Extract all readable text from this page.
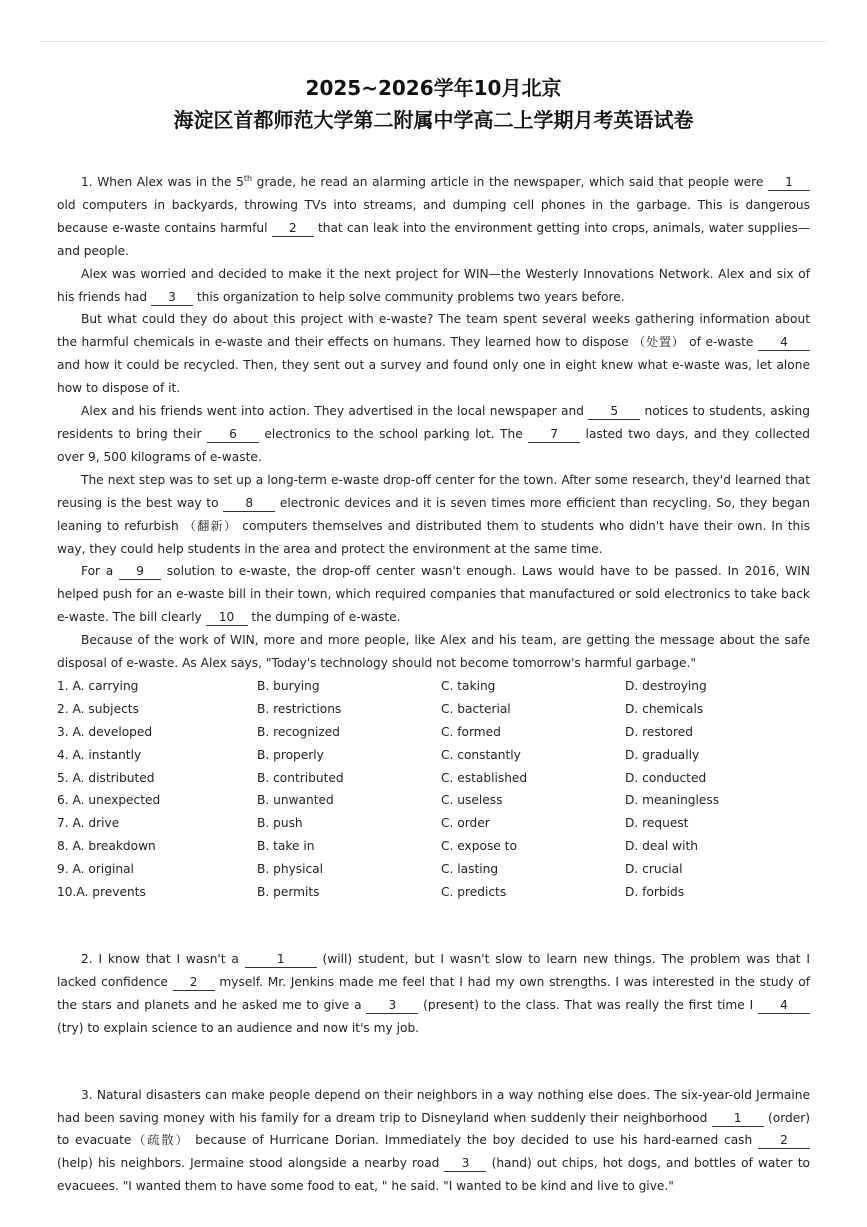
2025~2026学年10月北京
海淀区首都师范大学第二附属中学高二上学期月考英语试卷

1. When Alex was in the 5th grade, he read an alarming article in the newspaper, which said that people were 1 old computers in backyards, throwing TVs into streams, and dumping cell phones in the garbage. This is dangerous because e-waste contains harmful 2 that can leak into the environment getting into crops, animals, water supplies—and people.

Alex was worried and decided to make it the next project for WIN—the Westerly Innovations Network. Alex and six of his friends had 3 this organization to help solve community problems two years before.

But what could they do about this project with e-waste? The team spent several weeks gathering information about the harmful chemicals in e-waste and their effects on humans. They learned how to dispose （处置） of e-waste 4 and how it could be recycled. Then, they sent out a survey and found only one in eight knew what e-waste was, let alone how to dispose of it.

Alex and his friends went into action. They advertised in the local newspaper and 5 notices to students, asking residents to bring their 6 electronics to the school parking lot. The 7 lasted two days, and they collected over 9, 500 kilograms of e-waste.

The next step was to set up a long-term e-waste drop-off center for the town. After some research, they'd learned that reusing is the best way to 8 electronic devices and it is seven times more efficient than recycling. So, they began leaning to refurbish （翻新） computers themselves and distributed them to students who didn't have their own. In this way, they could help students in the area and protect the environment at the same time.

For a 9 solution to e-waste, the drop-off center wasn't enough. Laws would have to be passed. In 2016, WIN helped push for an e-waste bill in their town, which required companies that manufactured or sold electronics to take back e-waste. The bill clearly 10 the dumping of e-waste.

Because of the work of WIN, more and more people, like Alex and his team, are getting the message about the safe disposal of e-waste. As Alex says, "Today's technology should not become tomorrow's harmful garbage."

1. A. carrying	B. burying	C. taking	D. destroying
2. A. subjects	B. restrictions	C. bacterial	D. chemicals
3. A. developed	B. recognized	C. formed	D. restored
4. A. instantly	B. properly	C. constantly	D. gradually
5. A. distributed	B. contributed	C. established	D. conducted
6. A. unexpected	B. unwanted	C. useless	D. meaningless
7. A. drive	B. push	C. order	D. request
8. A. breakdown	B. take in	C. expose to	D. deal with
9. A. original	B. physical	C. lasting	D. crucial
10.A. prevents	B. permits	C. predicts	D. forbids

2. I know that I wasn't a	1	(will) student, but I wasn't slow to learn new things. The problem was that I lacked confidence 2 myself. Mr. Jenkins made me feel that I had my own strengths. I was interested in the study of the stars and planets and he asked me to give a 3 (present) to the class. That was really the first time I 4 (try) to explain science to an audience and now it's my job.

3. Natural disasters can make people depend on their neighbors in a way nothing else does. The six-year-old Jermaine had been saving money with his family for a dream trip to Disneyland when suddenly their neighborhood 1 (order) to evacuate（疏散） because of Hurricane Dorian. Immediately the boy decided to use his hard-earned cash 2 (help) his neighbors. Jermaine stood alongside a nearby road 3 (hand) out chips, hot dogs, and bottles of water to evacuees. "I wanted them to have some food to eat, " he said. "I wanted to be kind and live to give."
